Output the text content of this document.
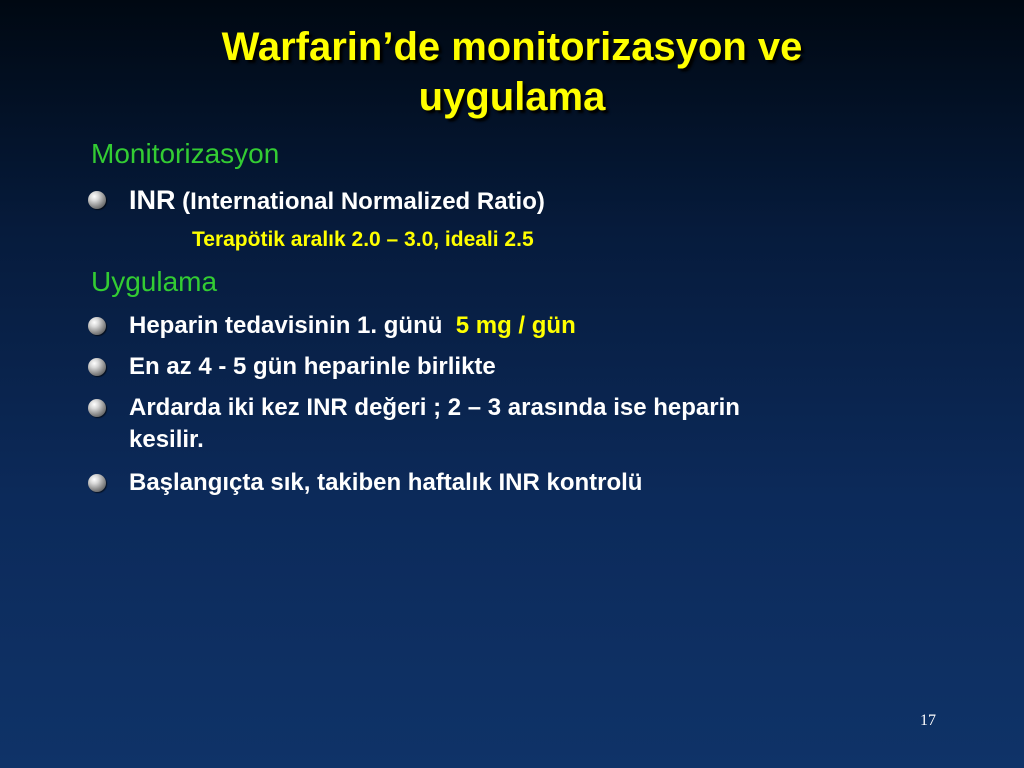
Warfarin’de monitorizasyon ve
uygulama
Monitorizasyon
INR (International Normalized Ratio)
Terapötik aralık 2.0 – 3.0, ideali 2.5
Uygulama
Heparin tedavisinin 1. günü 5 mg / gün
En az 4 - 5 gün heparinle birlikte
Ardarda iki kez INR değeri ; 2 – 3 arasında ise heparin
kesilir.
Başlangıçta sık, takiben haftalık INR kontrolü
17
